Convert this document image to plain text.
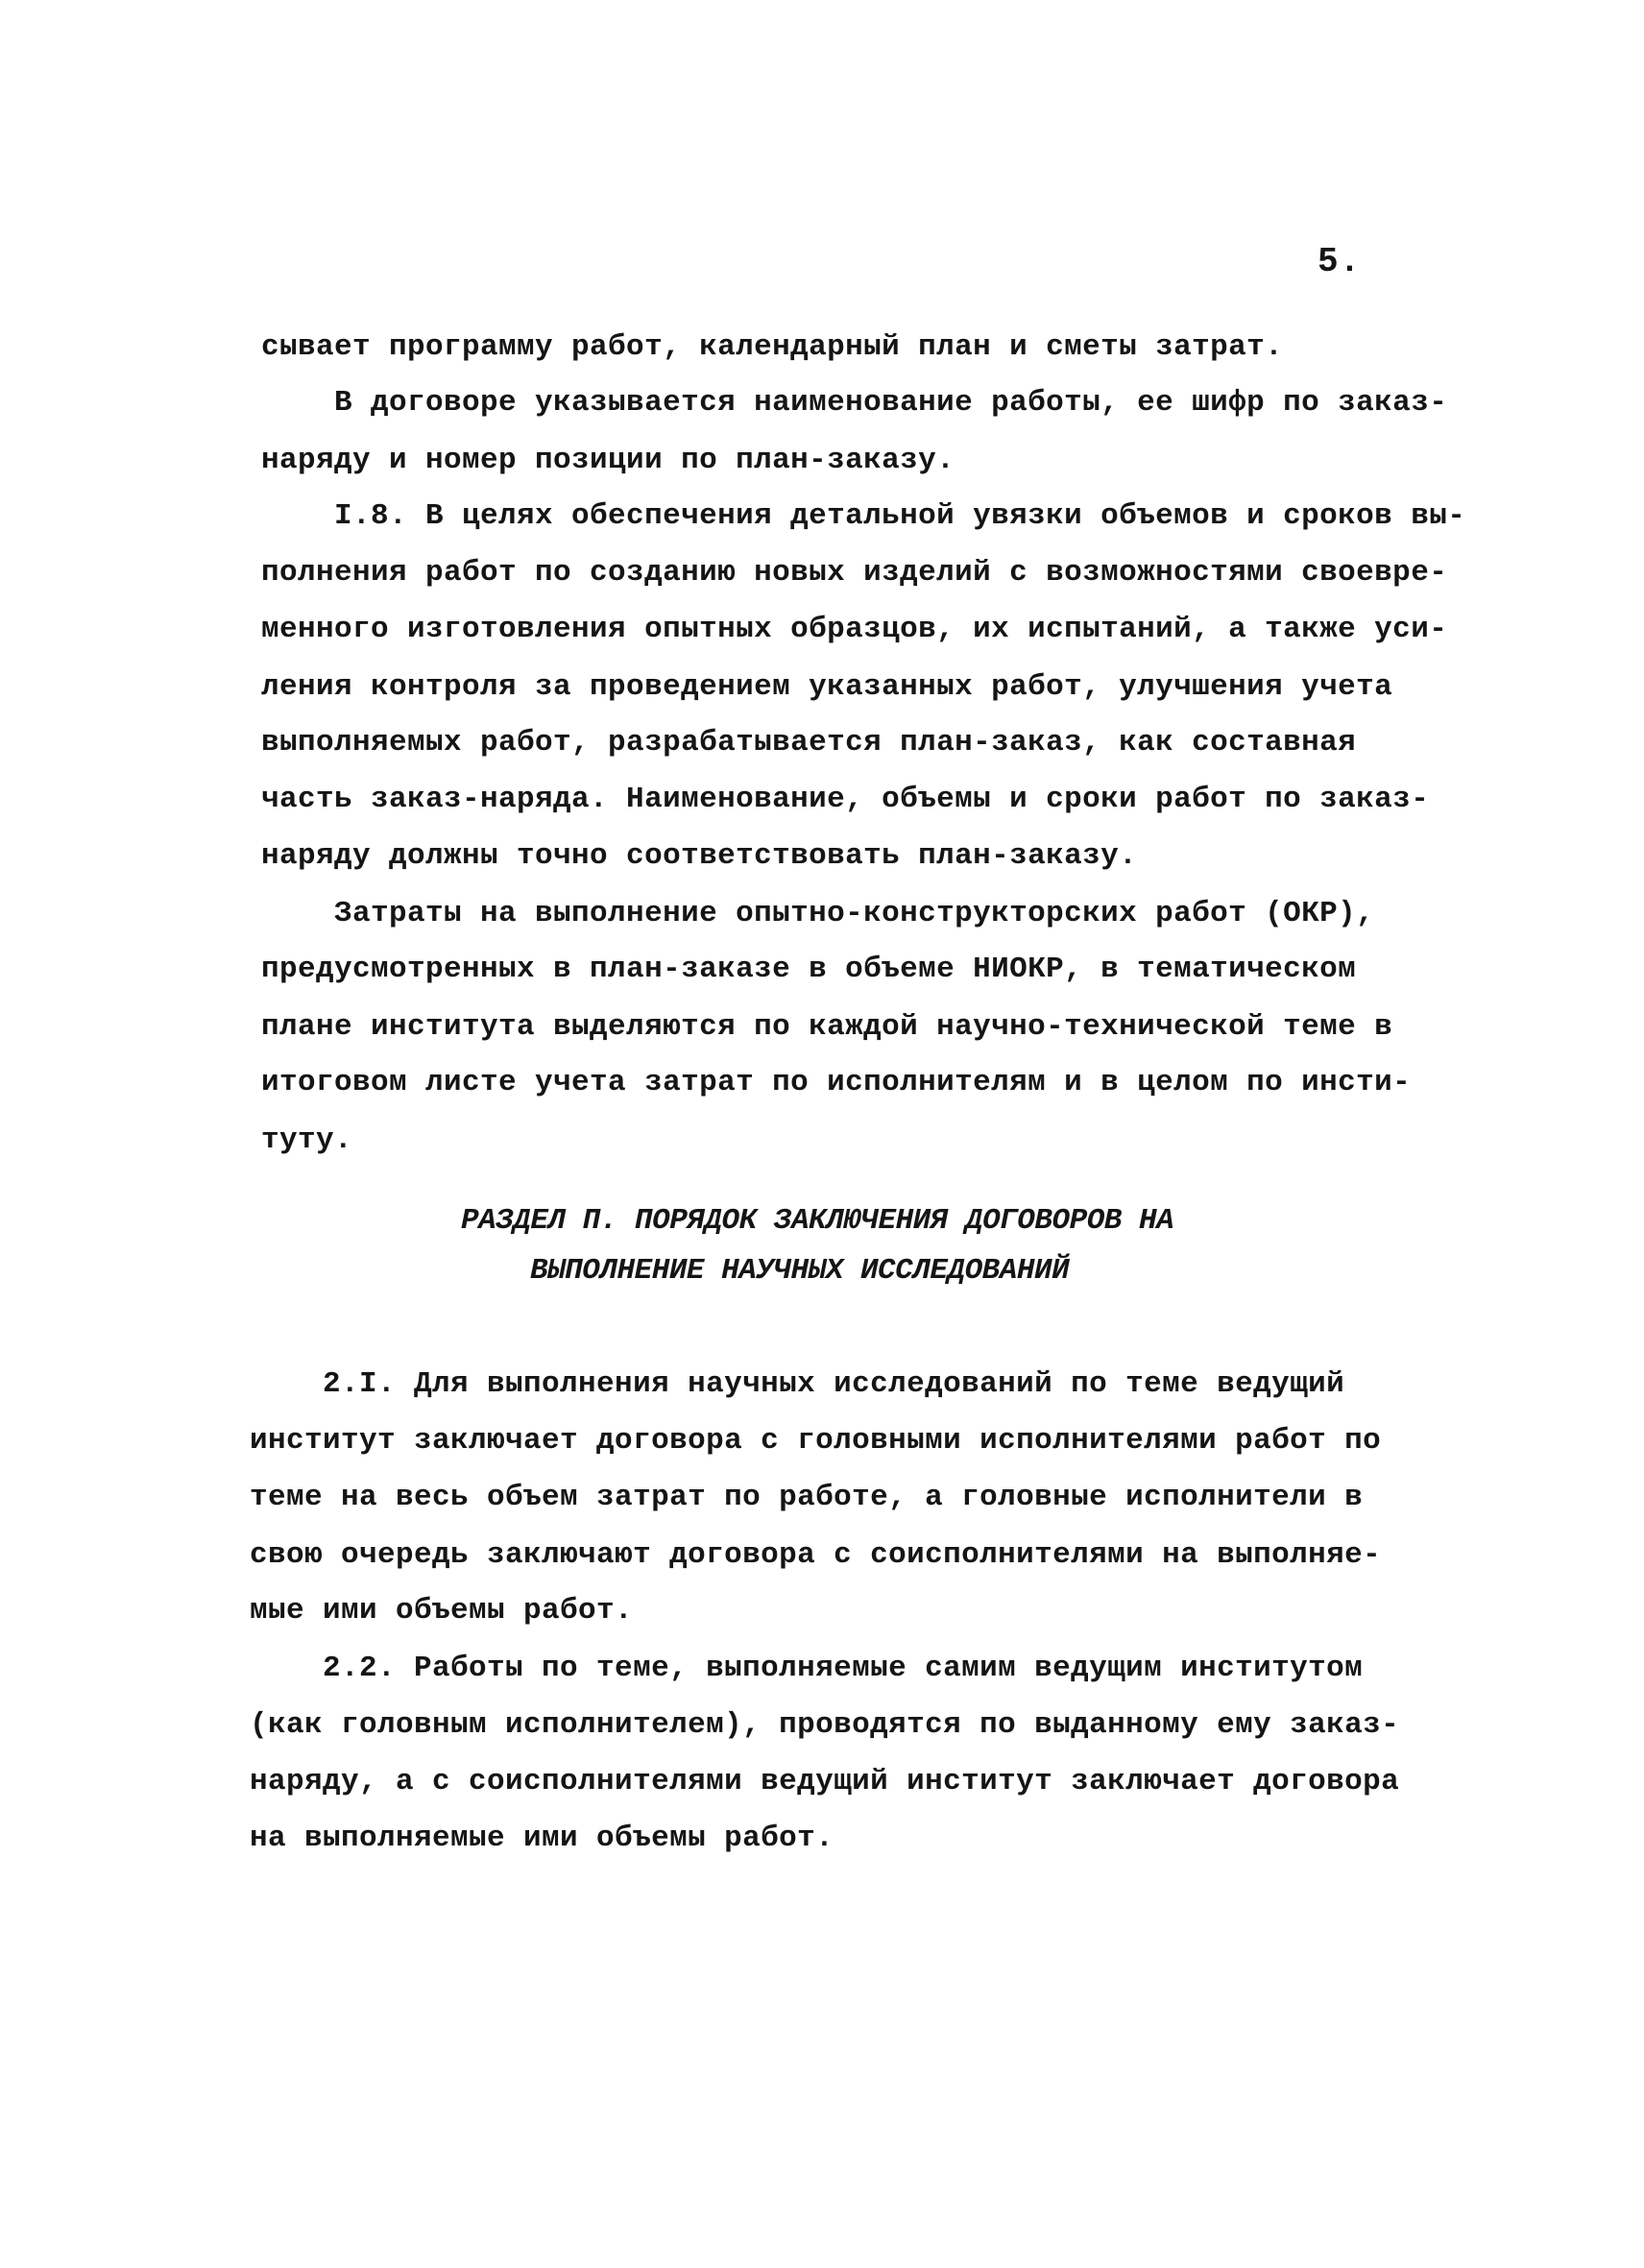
5.
сывает программу работ, календарный план и сметы затрат.
В договоре указывается наименование работы, ее шифр по заказ-
наряду и номер позиции по план-заказу.
I.8. В целях обеспечения детальной увязки объемов и сроков вы-
полнения работ по созданию новых изделий с возможностями своевре-
менного изготовления опытных образцов, их испытаний, а также уси-
ления контроля за проведением указанных работ, улучшения учета
выполняемых работ, разрабатывается план-заказ, как составная
часть заказ-наряда. Наименование, объемы и сроки работ по заказ-
наряду должны точно соответствовать план-заказу.
Затраты на выполнение опытно-конструкторских работ (ОКР),
предусмотренных в план-заказе в объеме НИОКР, в тематическом
плане института выделяются по каждой научно-технической теме в
итоговом листе учета затрат по исполнителям и в целом по инсти-
туту.
РАЗДЕЛ П. ПОРЯДОК ЗАКЛЮЧЕНИЯ ДОГОВОРОВ НА
ВЫПОЛНЕНИЕ НАУЧНЫХ ИССЛЕДОВАНИЙ
2.I. Для выполнения научных исследований по теме ведущий
институт заключает договора с головными исполнителями работ по
теме на весь объем затрат по работе, а головные исполнители в
свою очередь заключают договора с соисполнителями на выполняе-
мые ими объемы работ.
2.2. Работы по теме, выполняемые самим ведущим институтом
(как головным исполнителем), проводятся по выданному ему заказ-
наряду, а с соисполнителями ведущий институт заключает договора
на выполняемые ими объемы работ.
